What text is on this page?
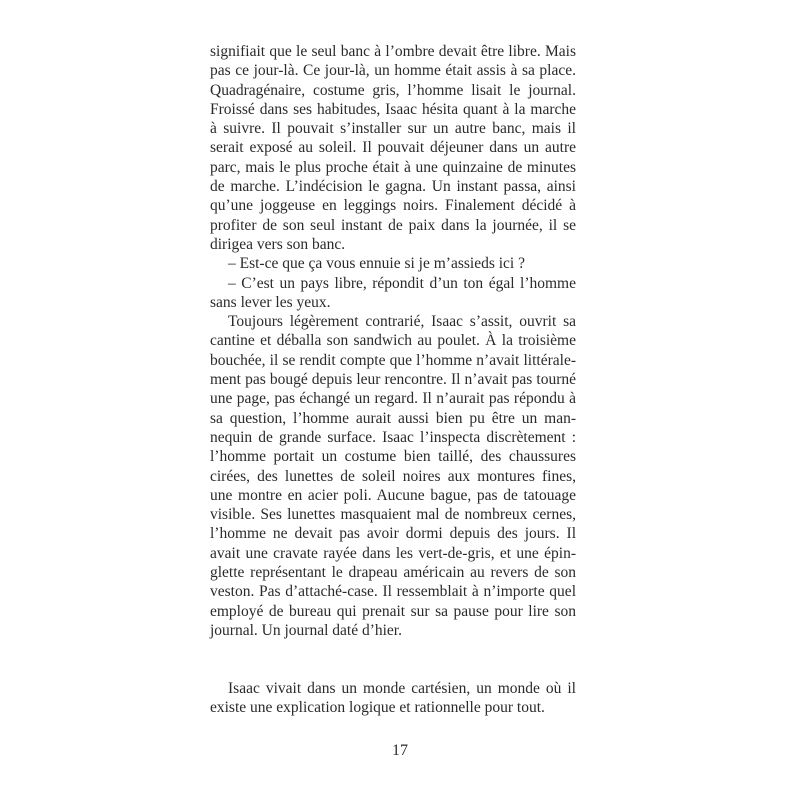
signifiait que le seul banc à l’ombre devait être libre. Mais pas ce jour-là. Ce jour-là, un homme était assis à sa place. Quadragénaire, costume gris, l’homme lisait le journal. Froissé dans ses habitudes, Isaac hésita quant à la marche à suivre. Il pouvait s’installer sur un autre banc, mais il serait exposé au soleil. Il pouvait déjeuner dans un autre parc, mais le plus proche était à une quinzaine de minutes de marche. L’indécision le gagna. Un instant passa, ainsi qu’une joggeuse en leggings noirs. Finalement décidé à profiter de son seul instant de paix dans la journée, il se dirigea vers son banc.

– Est-ce que ça vous ennuie si je m’assieds ici ?

– C’est un pays libre, répondit d’un ton égal l’homme sans lever les yeux.

Toujours légèrement contrarié, Isaac s’assit, ouvrit sa cantine et déballa son sandwich au poulet. À la troisième bouchée, il se rendit compte que l’homme n’avait littéralement pas bougé depuis leur rencontre. Il n’avait pas tourné une page, pas échangé un regard. Il n’aurait pas répondu à sa question, l’homme aurait aussi bien pu être un mannequin de grande surface. Isaac l’inspecta discrètement : l’homme portait un costume bien taillé, des chaussures cirées, des lunettes de soleil noires aux montures fines, une montre en acier poli. Aucune bague, pas de tatouage visible. Ses lunettes masquaient mal de nombreux cernes, l’homme ne devait pas avoir dormi depuis des jours. Il avait une cravate rayée dans les vert-de-gris, et une épinglette représentant le drapeau américain au revers de son veston. Pas d’attaché-case. Il ressemblait à n’importe quel employé de bureau qui prenait sur sa pause pour lire son journal. Un journal daté d’hier.

Isaac vivait dans un monde cartésien, un monde où il existe une explication logique et rationnelle pour tout.

17
